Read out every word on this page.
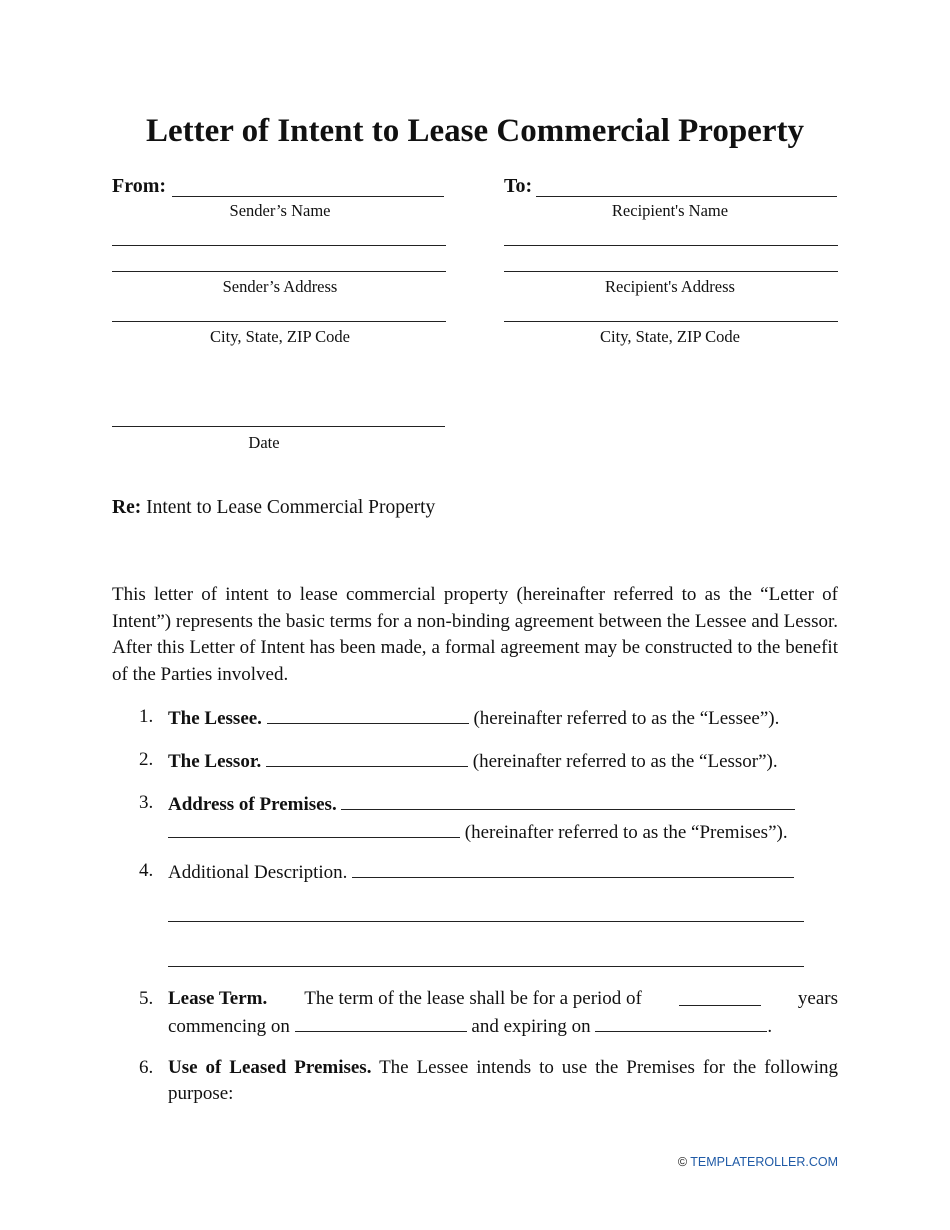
Letter of Intent to Lease Commercial Property
From:
Sender’s Name
Sender’s Address
City, State, ZIP Code
To:
Recipient's Name
Recipient's Address
City, State, ZIP Code
Date
Re: Intent to Lease Commercial Property
This letter of intent to lease commercial property (hereinafter referred to as the “Letter of Intent”) represents the basic terms for a non-binding agreement between the Lessee and Lessor. After this Letter of Intent has been made, a formal agreement may be constructed to the benefit of the Parties involved.
1. The Lessee.	(hereinafter referred to as the “Lessee”).
2. The Lessor.	(hereinafter referred to as the “Lessor”).
3. Address of Premises.
(hereinafter referred to as the “Premises”).
4. Additional Description.
5. Lease Term. The term of the lease shall be for a period of	years
commencing on	and expiring on	.
6. Use of Leased Premises. The Lessee intends to use the Premises for the following
purpose:
© TEMPLATEROLLER.COM
